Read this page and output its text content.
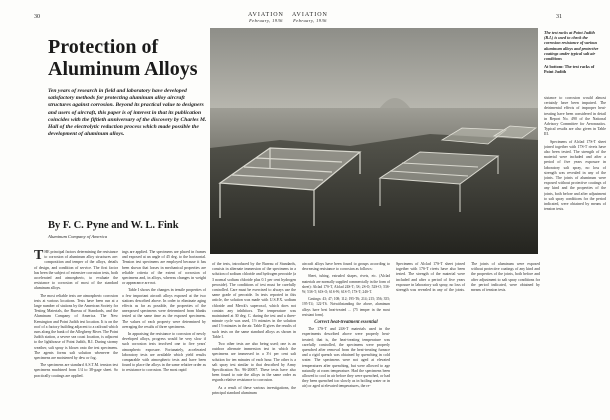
30	31
AVIATION
February, 1936
AVIATION
February, 1936
Protection of Aluminum Alloys
Ten years of research in field and laboratory have developed satisfactory methods for protecting aluminum alloy aircraft structures against corrosion. Beyond its practical value to designers and users of aircraft, this paper is of interest in that its publication coincides with the fiftieth anniversary of the discovery by Charles M. Hall of the electrolytic reduction process which made possible the development of aluminum alloys.
By F. C. Pyne and W. L. Fink
Aluminum Company of America
The test racks at Point Judith (R.I.) is used to check the corrosion resistance of various aluminum alloys and protective coatings under typical salt air conditions
At bottom: The test racks of Point Judith

THE principal factors determining the resistance to corrosion of aluminum alloy structures are: composition and temper of the alloys, details of design, and condition of service. The first factor has been the subject of extensive corrosion tests, both accelerated and atmospheric, to evaluate the resistance to corrosion of most of the standard aluminum alloys.

The most reliable tests are atmospheric corrosion tests at various locations. Tests have been run at a large number of stations by the American Society for Testing Materials, the Bureau of Standards, and the Aluminum Company of America. The New Kensington and Point Judith test location. It is on the roof of a factory building adjacent to a railroad which runs along the bank of the Allegheny River. The Point Judith station, a severe sea coast location, is adjacent to the lighthouse of Point Judith, R.I. During stormy weather, salt spray is blown onto the test specimens. The agents forms salt solution whenever the specimens are moistened by dew or fog.

The specimens are standard A.S.T.M. tension test specimens machined from 1/4 to 38-gage sheet. So practically coatings are applied.

ings are applied. The specimens are placed in frames and exposed at an angle of 45 deg. to the horizontal. Tension test specimens are employed because it has been shown that losses in mechanical properties are reliable criteria of the extent of corrosion of specimens and, in alloys, whereas changes in weight or appearance are not.

Table I shows the changes in tensile properties of a few important aircraft alloys exposed at the two stations described above. In order to eliminate aging effects as far as possible, the properties of the unexposed specimens were determined from blanks tested at the same time as the exposed specimens. The values of each property were determined by averaging the results of three specimens.

In appraising the resistance to corrosion of newly developed alloys, progress would be very slow if such corrosion tests involved one to five years' atmospheric exposure. Fortunately, accelerated laboratory tests are available which yield results comparable with atmospheric tests and have been found to place the alloys in the same relative order as to resistance to corrosion. The most rapid

of the tests, introduced by the Bureau of Standards, consists in alternate immersion of the specimens in a solution of sodium chloride and hydrogen peroxide (a 3 normal sodium chloride plus 0.1 per cent hydrogen peroxide). The conditions of test must be carefully controlled. Care must be exercised to always use the same grade of peroxide. In tests reported in this article, the solution was made with U.S.P.X. sodium chloride and Merck's superoxol, which does not contain any inhibitors. The temperature was maintained at 30 deg. C. during the test and a three-minute cycle was used, 1½ minutes in the solution and 1½ minutes in the air. Table II gives the results of such tests on the same standard alloys as shown in Table I.

Two other tests are also being used; one is an outdoor alternate immersion test in which the specimens are immersed in a 3½ per cent salt solution for ten minutes of each hour. The other is a salt spray test similar to that described by Army Specification No. 96-20007. These tests have also been found to rate the alloys in the same order as regards relative resistance to corrosion.

As a result of these various investigations, the principal standard aluminum

aircraft alloys have been found to groups according to decreasing resistance to corrosion as follows:

Sheet, tubing, extruded shapes, rivets, etc. (Alclad materials are normally supplied commercially in the form of sheet): Alclad 17S-T, Alclad 24S-T; 3S; 2S-O; 52S-O; 53S-W; 53S-T; 61S-O; 61S-W; 61S-T; 17S-T; 24S-T.

Castings: 43; 47; 108; 112; 195-T6; 214; 215; 356; 355; 195-T4; 122-T6. Notwithstanding the above, aluminum alloys have best heat-treated ... (75 temper in the most resistant form).

Correct heat-treatment essential

The 17S-T and 24S-T materials used in the experiments described above were properly heat-treated; that is, the heat-treating temperature was carefully controlled, the specimens were properly quenched after removal from the heat-treating furnace and a rigid quench was obtained by quenching in cold water. The specimens were not aged at elevated temperatures after quenching, but were allowed to age naturally at room temperature. Had the specimens been allowed to cool in air before they were quenched, or had they been quenched too slowly as in boiling water or in air) or aged at elevated temperatures, the re-

sistance to corrosion would almost certainly have been impaired. The detrimental effects of improper heat-treating have been considered in detail in Report No. 490 of the National Advisory Committee for Aeronautics. Typical results are also given in Table III.

Specimens of Alclad 17S-T sheet joined together with 17S-T rivets have also been tested. The strength of the material were included and after a period of five years exposure in laboratory salt spray, no loss of strength was revealed in any of the joints. The joints of aluminum were exposed without protective coatings of any kind and the properties of the joints, both before and after adjustment to salt spray conditions for the period indicated, were obtained by means of tension tests.

Specimens of Alclad 17S-T sheet joined together with 17S-T rivets have also been tested. The strength of the material were included and after a period of five years exposure in laboratory salt spray, no loss of strength was revealed in any of the joints. The joints of aluminum were exposed without protective coatings of any kind and the properties of the joints, both before and after adjustment to salt spray conditions for the period indicated, were obtained by means of tension tests.
